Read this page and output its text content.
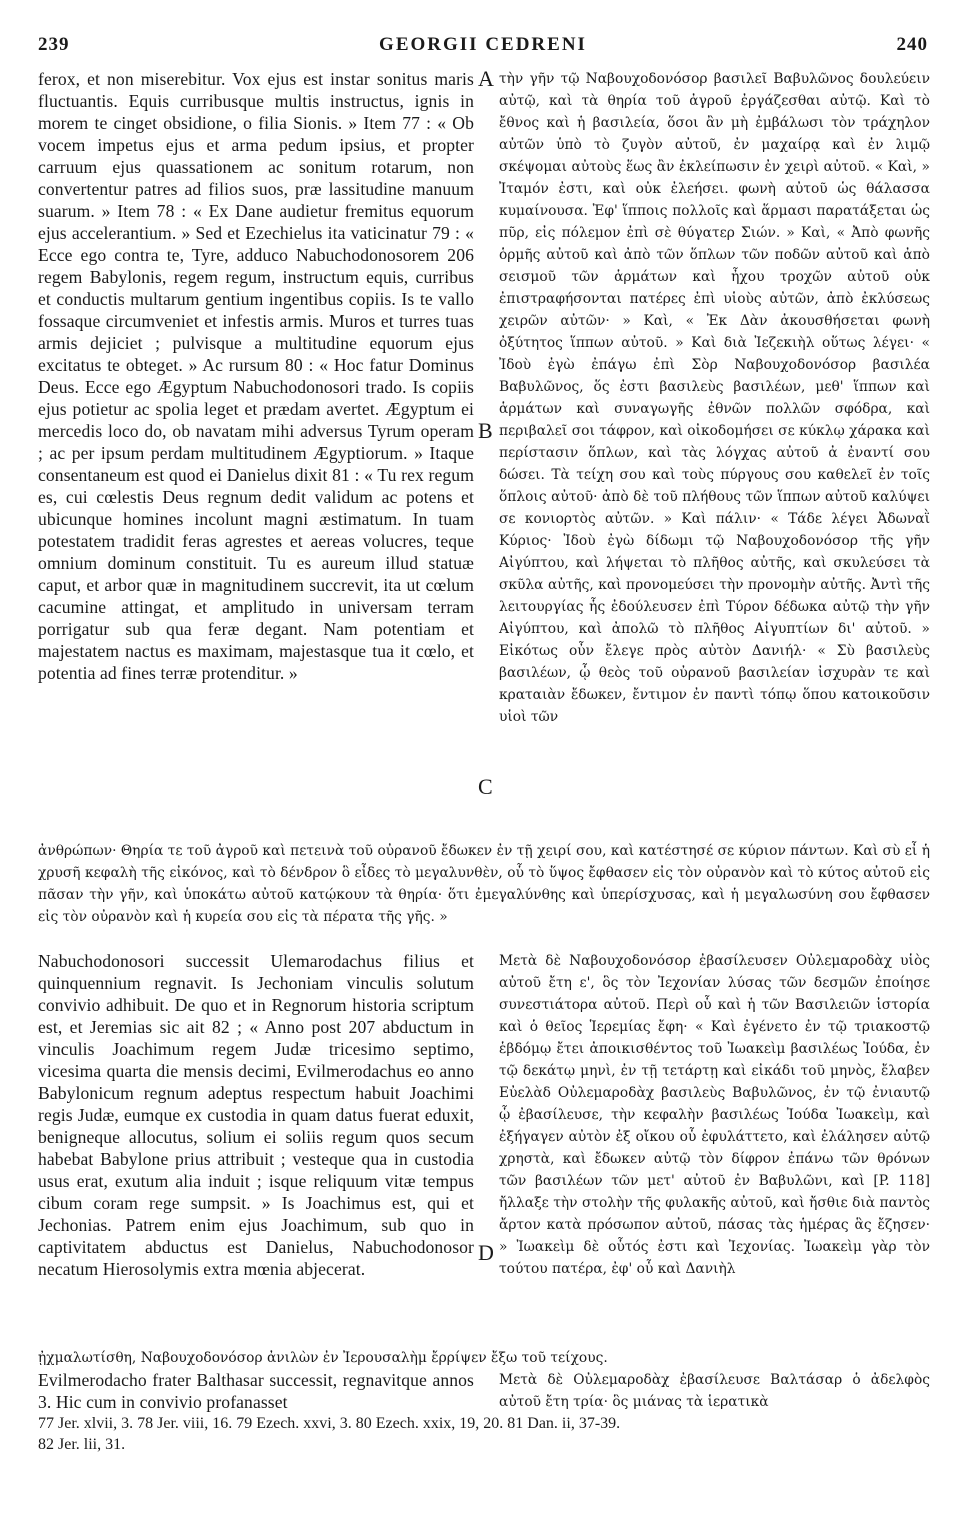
239	GEORGII CEDRENI	240
A
B
C
D
ferox, et non miserebitur. Vox ejus est instar sonitus maris fluctuantis. Equis curribusque multis instructus, ignis in morem te cinget obsidione, o filia Sionis. » Item 77 : « Ob vocem impetus ejus et arma pedum ipsius, et propter carruum ejus quassationem ac sonitum rotarum, non convertentur patres ad filios suos, præ lassitudine manuum suarum. » Item 78 : « Ex Dane audietur fremitus equorum ejus accelerantium. » Sed et Ezechielus ita vaticinatur 79 : « Ecce ego contra te, Tyre, adduco Nabuchodonosorem 206 regem Babylonis, regem regum, instructum equis, curribus et conductis multarum gentium ingentibus copiis. Is te vallo fossaque circumveniet et infestis armis. Muros et turres tuas armis dejiciet ; pulvisque a multitudine equorum ejus excitatus te obteget. » Ac rursum 80 : « Hoc fatur Dominus Deus. Ecce ego Ægyptum Nabuchodonosori trado. Is copiis ejus potietur ac spolia leget et prædam avertet. Ægyptum ei mercedis loco do, ob navatam mihi adversus Tyrum operam ; ac per ipsum perdam multitudinem Ægyptiorum. » Itaque consentaneum est quod ei Danielus dixit 81 : « Tu rex regum es, cui cœlestis Deus regnum dedit validum ac potens et ubicunque homines incolunt magni æstimatum. In tuam potestatem tradidit feras agrestes et aereas volucres, teque omnium dominum constituit. Tu es aureum illud statuæ caput, et arbor quæ in magnitudinem succrevit, ita ut cœlum cacumine attingat, et amplitudo in universam terram porrigatur sub qua feræ degant. Nam potentiam et majestatem nactus es maximam, majestasque tua it cœlo, et potentia ad fines terræ protenditur. »
τὴν γῆν τῷ Ναβουχοδονόσορ βασιλεῖ Βαβυλῶνος δουλεύειν αὐτῷ, καὶ τὰ θηρία τοῦ ἀγροῦ ἐργάζεσθαι αὐτῷ. Καὶ τὸ ἔθνος καὶ ἡ βασιλεία, ὅσοι ἂν μὴ ἐμβάλωσι τὸν τράχηλον αὐτῶν ὑπὸ τὸ ζυγὸν αὐτοῦ, ἐν μαχαίρᾳ καὶ ἐν λιμῷ σκέψομαι αὐτοὺς ἕως ἂν ἐκλείπωσιν ἐν χειρὶ αὐτοῦ. « Καὶ, » Ἰταμόν ἐστι, καὶ οὐκ ἐλεήσει. φωνὴ αὐτοῦ ὡς θάλασσα κυμαίνουσα. Ἐφ' ἵπποις πολλοῖς καὶ ἅρμασι παρατάξεται ὡς πῦρ, εἰς πόλεμον ἐπὶ σὲ θύγατερ Σιών. » Καὶ, « Ἀπὸ φωνῆς ὁρμῆς αὐτοῦ καὶ ἀπὸ τῶν ὅπλων τῶν ποδῶν αὐτοῦ καὶ ἀπὸ σεισμοῦ τῶν ἁρμάτων καὶ ἦχου τροχῶν αὐτοῦ οὐκ ἐπιστραφήσονται πατέρες ἐπὶ υἱοὺς αὐτῶν, ἀπὸ ἐκλύσεως χειρῶν αὐτῶν· » Καὶ, « Ἐκ Δὰν ἀκουσθήσεται φωνὴ ὀξύτητος ἵππων αὐτοῦ. » Καὶ διὰ Ἰεζεκιὴλ οὕτως λέγει· « Ἰδοὺ ἐγὼ ἐπάγω ἐπὶ Σὸρ Ναβουχοδονόσορ βασιλέα Βαβυλῶνος, ὅς ἐστι βασιλεὺς βασιλέων, μεθ' ἵππων καὶ ἁρμάτων καὶ συναγωγῆς ἐθνῶν πολλῶν σφόδρα, καὶ περιβαλεῖ σοι τάφρον, καὶ οἰκοδομήσει σε κύκλῳ χάρακα καὶ περίστασιν ὅπλων, καὶ τὰς λόγχας αὐτοῦ ἀ ἐναντί σου δώσει. Τὰ τείχη σου καὶ τοὺς πύργους σου καθελεῖ ἐν τοῖς ὅπλοις αὐτοῦ· ἀπὸ δὲ τοῦ πλήθους τῶν ἵππων αὐτοῦ καλύψει σε κονιορτὸς αὐτῶν. » Καὶ πάλιν· « Τάδε λέγει Ἀδωναῒ Κύριος· Ἰδοὺ ἐγὼ δίδωμι τῷ Ναβουχοδονόσορ τῆς γῆν Αἰγύπτου, καὶ λήψεται τὸ πλῆθος αὐτῆς, καὶ σκυλεύσει τὰ σκῦλα αὐτῆς, καὶ προνομεύσει τὴν προνομὴν αὐτῆς. Ἀντὶ τῆς λειτουργίας ἧς ἐδούλευσεν ἐπὶ Τύρον δέδωκα αὐτῷ τὴν γῆν Αἰγύπτου, καὶ ἀπολῶ τὸ πλῆθος Αἰγυπτίων δι' αὐτοῦ. » Εἰκότως οὖν ἔλεγε πρὸς αὐτὸν Δανιήλ· « Σὺ βασιλεὺς βασιλέων, ᾧ θεὸς τοῦ οὐρανοῦ βασιλείαν ἰσχυρὰν τε καὶ κραταιὰν ἔδωκεν, ἔντιμον ἐν παντὶ τόπῳ ὅπου κατοικοῦσιν υἱοὶ τῶν
ἀνθρώπων· Θηρία τε τοῦ ἀγροῦ καὶ πετεινὰ τοῦ οὐρανοῦ ἔδωκεν ἐν τῇ χειρί σου, καὶ κατέστησέ σε κύριον πάντων. Καὶ σὺ εἶ ἡ χρυσῆ κεφαλὴ τῆς εἰκόνος, καὶ τὸ δένδρον ὃ εἶδες τὸ μεγαλυνθὲν, οὗ τὸ ὕψος ἔφθασεν εἰς τὸν οὐρανὸν καὶ τὸ κύτος αὐτοῦ εἰς πᾶσαν τὴν γῆν, καὶ ὑποκάτω αὐτοῦ κατῴκουν τὰ θηρία· ὅτι ἐμεγαλύνθης καὶ ὑπερίσχυσας, καὶ ἡ μεγαλωσύνη σου ἔφθασεν εἰς τὸν οὐρανὸν καὶ ἡ κυρεία σου εἰς τὰ πέρατα τῆς γῆς. »
Nabuchodonosori successit Ulemarodachus filius et quinquennium regnavit. Is Jechoniam vinculis solutum convivio adhibuit. De quo et in Regnorum historia scriptum est, et Jeremias sic ait 82 ; « Anno post 207 abductum in vinculis Joachimum regem Judæ tricesimo septimo, vicesima quarta die mensis decimi, Evilmerodachus eo anno Babylonicum regnum adeptus respectum habuit Joachimi regis Judæ, eumque ex custodia in quam datus fuerat eduxit, benigneque allocutus, solium ei soliis regum quos secum habebat Babylone prius attribuit ; vesteque qua in custodia usus erat, exutum alia induit ; isque reliquum vitæ tempus cibum coram rege sumpsit. » Is Joachimus est, qui et Jechonias. Patrem enim ejus Joachimum, sub quo in captivitatem abductus est Danielus, Nabuchodonosor necatum Hierosolymis extra mœnia abjecerat.
Μετὰ δὲ Ναβουχοδονόσορ ἐβασίλευσεν Οὐλεμαροδὰχ υἱὸς αὐτοῦ ἔτη ε', ὃς τὸν Ἰεχονίαν λύσας τῶν δεσμῶν ἐποίησε συνεστιάτορα αὐτοῦ. Περὶ οὗ καὶ ἡ τῶν Βασιλειῶν ἱστορία καὶ ὁ θεῖος Ἱερεμίας ἔφη· « Καὶ ἐγένετο ἐν τῷ τριακοστῷ ἑβδόμῳ ἔτει ἀποικισθέντος τοῦ Ἰωακεὶμ βασιλέως Ἰούδα, ἐν τῷ δεκάτῳ μηνὶ, ἐν τῇ τετάρτῃ καὶ εἰκάδι τοῦ μηνὸς, ἔλαβεν Εὐελὰδ Οὐλεμαροδὰχ βασιλεὺς Βαβυλῶνος, ἐν τῷ ἐνιαυτῷ ᾧ ἐβασίλευσε, τὴν κεφαλὴν βασιλέως Ἰούδα Ἰωακεὶμ, καὶ ἐξήγαγεν αὐτὸν ἐξ οἴκου οὗ ἐφυλάττετο, καὶ ἐλάλησεν αὐτῷ χρηστὰ, καὶ ἔδωκεν αὐτῷ τὸν δίφρον ἐπάνω τῶν θρόνων τῶν βασιλέων τῶν μετ' αὐτοῦ ἐν Βαβυλῶνι, καὶ [P. 118] ἤλλαξε τὴν στολὴν τῆς φυλακῆς αὐτοῦ, καὶ ἤσθιε διὰ παντὸς ἄρτον κατὰ πρόσωπον αὐτοῦ, πάσας τὰς ἡμέρας ἃς ἔζησεν· » Ἰωακεὶμ δὲ οὗτός ἐστι καὶ Ἰεχονίας. Ἰωακεὶμ γὰρ τὸν τούτου πατέρα, ἐφ' οὗ καὶ Δανιὴλ
ᾐχμαλωτίσθη, Ναβουχοδονόσορ ἀνιλὼν ἐν Ἰερουσαλὴμ ἔρρίψεν ἔξω τοῦ τείχους.
Evilmerodacho frater Balthasar successit, regnavitque annos 3. Hic cum in convivio profanasset
Μετὰ δὲ Οὐλεμαροδὰχ ἐβασίλευσε Βαλτάσαρ ὁ ἀδελφὸς αὐτοῦ ἔτη τρία· ὃς μιάνας τὰ ἱερατικὰ
77 Jer. xlvii, 3. 78 Jer. viii, 16. 79 Ezech. xxvi, 3. 80 Ezech. xxix, 19, 20. 81 Dan. ii, 37-39.
82 Jer. lii, 31.
